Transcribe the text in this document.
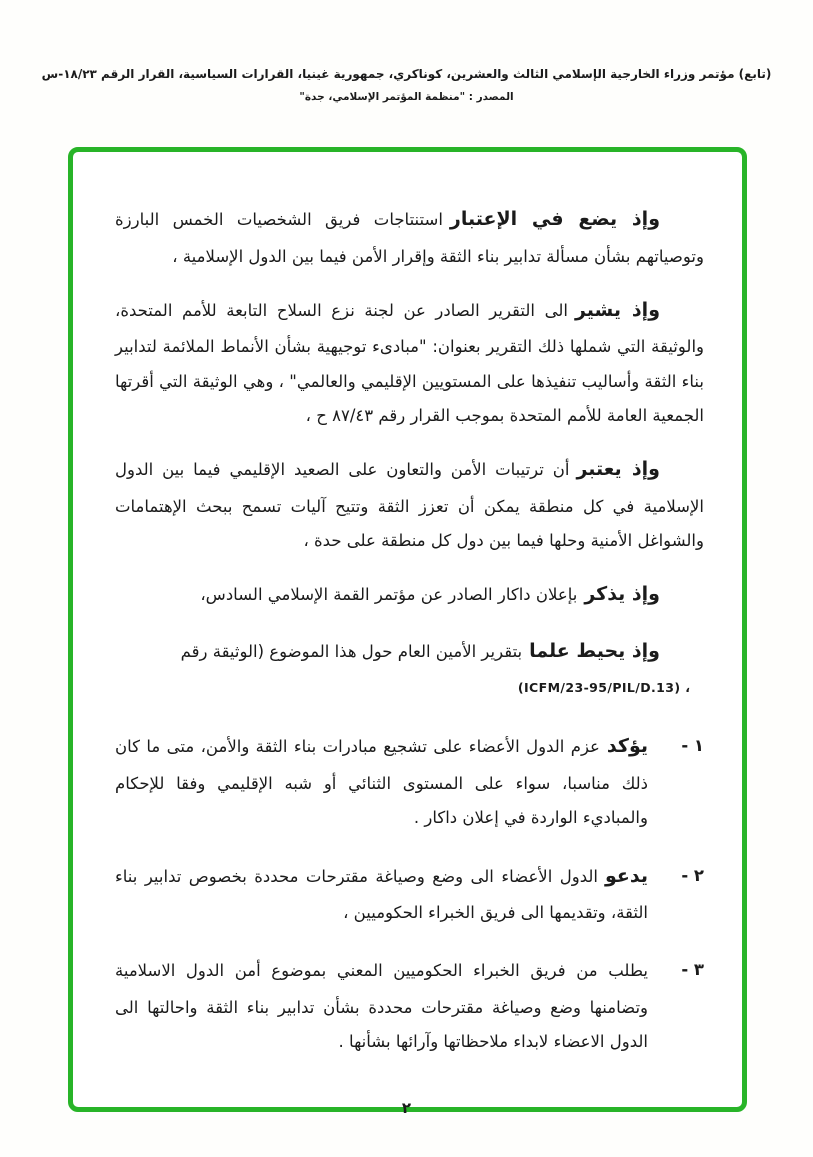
(تابع) مؤتمر وزراء الخارجية الإسلامي الثالث والعشرين، كوناكري، جمهورية غينيا، القرارات السياسية، القرار الرقم ١٨/٢٣-س
المصدر : "منظمة المؤتمر الإسلامي، جدة"

وإذ يضع في الإعتباراستنتاجات فريق الشخصيات الخمس البارزة وتوصياتهم بشأن مسألة تدابير بناء الثقة وإقرار الأمن فيما بين الدول الإسلامية ،

وإذ يشيرالى التقرير الصادر عن لجنة نزع السلاح التابعة للأمم المتحدة، والوثيقة التي شملها ذلك التقرير بعنوان: "مبادىء توجيهية بشأن الأنماط الملائمة لتدابير بناء الثقة وأساليب تنفيذها على المستويين الإقليمي والعالمي" ، وهي الوثيقة التي أقرتها الجمعية العامة للأمم المتحدة بموجب القرار رقم ٨٧/٤٣ ح ،

وإذ يعتبرأن ترتيبات الأمن والتعاون على الصعيد الإقليمي فيما بين الدول الإسلامية في كل منطقة يمكن أن تعزز الثقة وتتيح آليات تسمح ببحث الإهتمامات والشواغل الأمنية وحلها فيما بين دول كل منطقة على حدة ،

وإذ يذكربإعلان داكار الصادر عن مؤتمر القمة الإسلامي السادس،

وإذ يحيط علمابتقرير الأمين العام حول هذا الموضوع (الوثيقة رقم
(ICFM/23-95/PIL/D.13) ،

١ -
يؤكدعزم الدول الأعضاء على تشجيع مبادرات بناء الثقة والأمن، متى ما كان ذلك مناسبا، سواء على المستوى الثنائي أو شبه الإقليمي وفقا للإحكام والمباديء الواردة في إعلان داكار .
٢ -
يدعوالدول الأعضاء الى وضع وصياغة مقترحات محددة بخصوص تدابير بناء الثقة، وتقديمها الى فريق الخبراء الحكوميين ،
٣ -
يطلب من فريق الخبراء الحكوميين المعني بموضوع أمن الدول الاسلامية وتضامنها وضع وصياغة مقترحات محددة بشأن تدابير بناء الثقة واحالتها الى الدول الاعضاء لابداء ملاحظاتها وآرائها بشأنها .
٢
